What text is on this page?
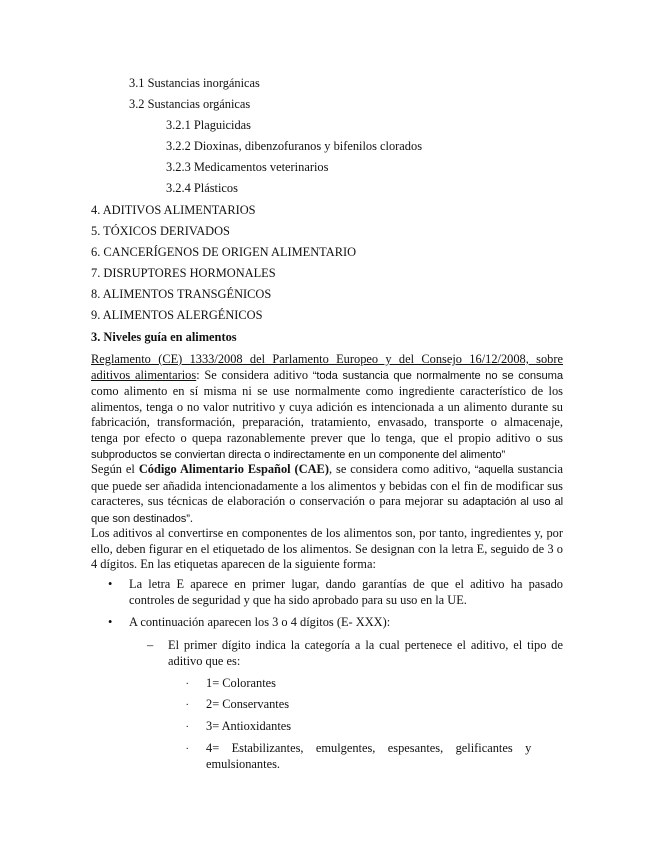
3.1 Sustancias inorgánicas
3.2 Sustancias orgánicas
3.2.1 Plaguicidas
3.2.2 Dioxinas, dibenzofuranos y bifenilos clorados
3.2.3 Medicamentos veterinarios
3.2.4 Plásticos
4. ADITIVOS ALIMENTARIOS
5. TÓXICOS DERIVADOS
6. CANCERÍGENOS DE ORIGEN ALIMENTARIO
7. DISRUPTORES HORMONALES
8. ALIMENTOS TRANSGÉNICOS
9. ALIMENTOS ALERGÉNICOS
3. Niveles guía en alimentos
Reglamento (CE) 1333/2008 del Parlamento Europeo y del Consejo 16/12/2008, sobre aditivos alimentarios: Se considera aditivo “toda sustancia que normalmente no se consuma como alimento en sí misma ni se use normalmente como ingrediente característico de los alimentos, tenga o no valor nutritivo y cuya adición es intencionada a un alimento durante su fabricación, transformación, preparación, tratamiento, envasado, transporte o almacenaje, tenga por efecto o quepa razonablemente prever que lo tenga, que el propio aditivo o sus subproductos se conviertan directa o indirectamente en un componente del alimento”
Según el Código Alimentario Español (CAE), se considera como aditivo, “aquella sustancia que puede ser añadida intencionadamente a los alimentos y bebidas con el fin de modificar sus caracteres, sus técnicas de elaboración o conservación o para mejorar su adaptación al uso al que son destinados”.
Los aditivos al convertirse en componentes de los alimentos son, por tanto, ingredientes y, por ello, deben figurar en el etiquetado de los alimentos. Se designan con la letra E, seguido de 3 o 4 dígitos. En las etiquetas aparecen de la siguiente forma:
•	La letra E aparece en primer lugar, dando garantías de que el aditivo ha pasado controles de seguridad y que ha sido aprobado para su uso en la UE.
•	A continuación aparecen los 3 o 4 dígitos (E- XXX):
– El primer dígito indica la categoría a la cual pertenece el aditivo, el tipo de aditivo que es:
. 1= Colorantes
. 2= Conservantes
. 3= Antioxidantes
. 4=    Estabilizantes,    emulgentes,    espesantes,    gelificantes    y
emulsionantes.
